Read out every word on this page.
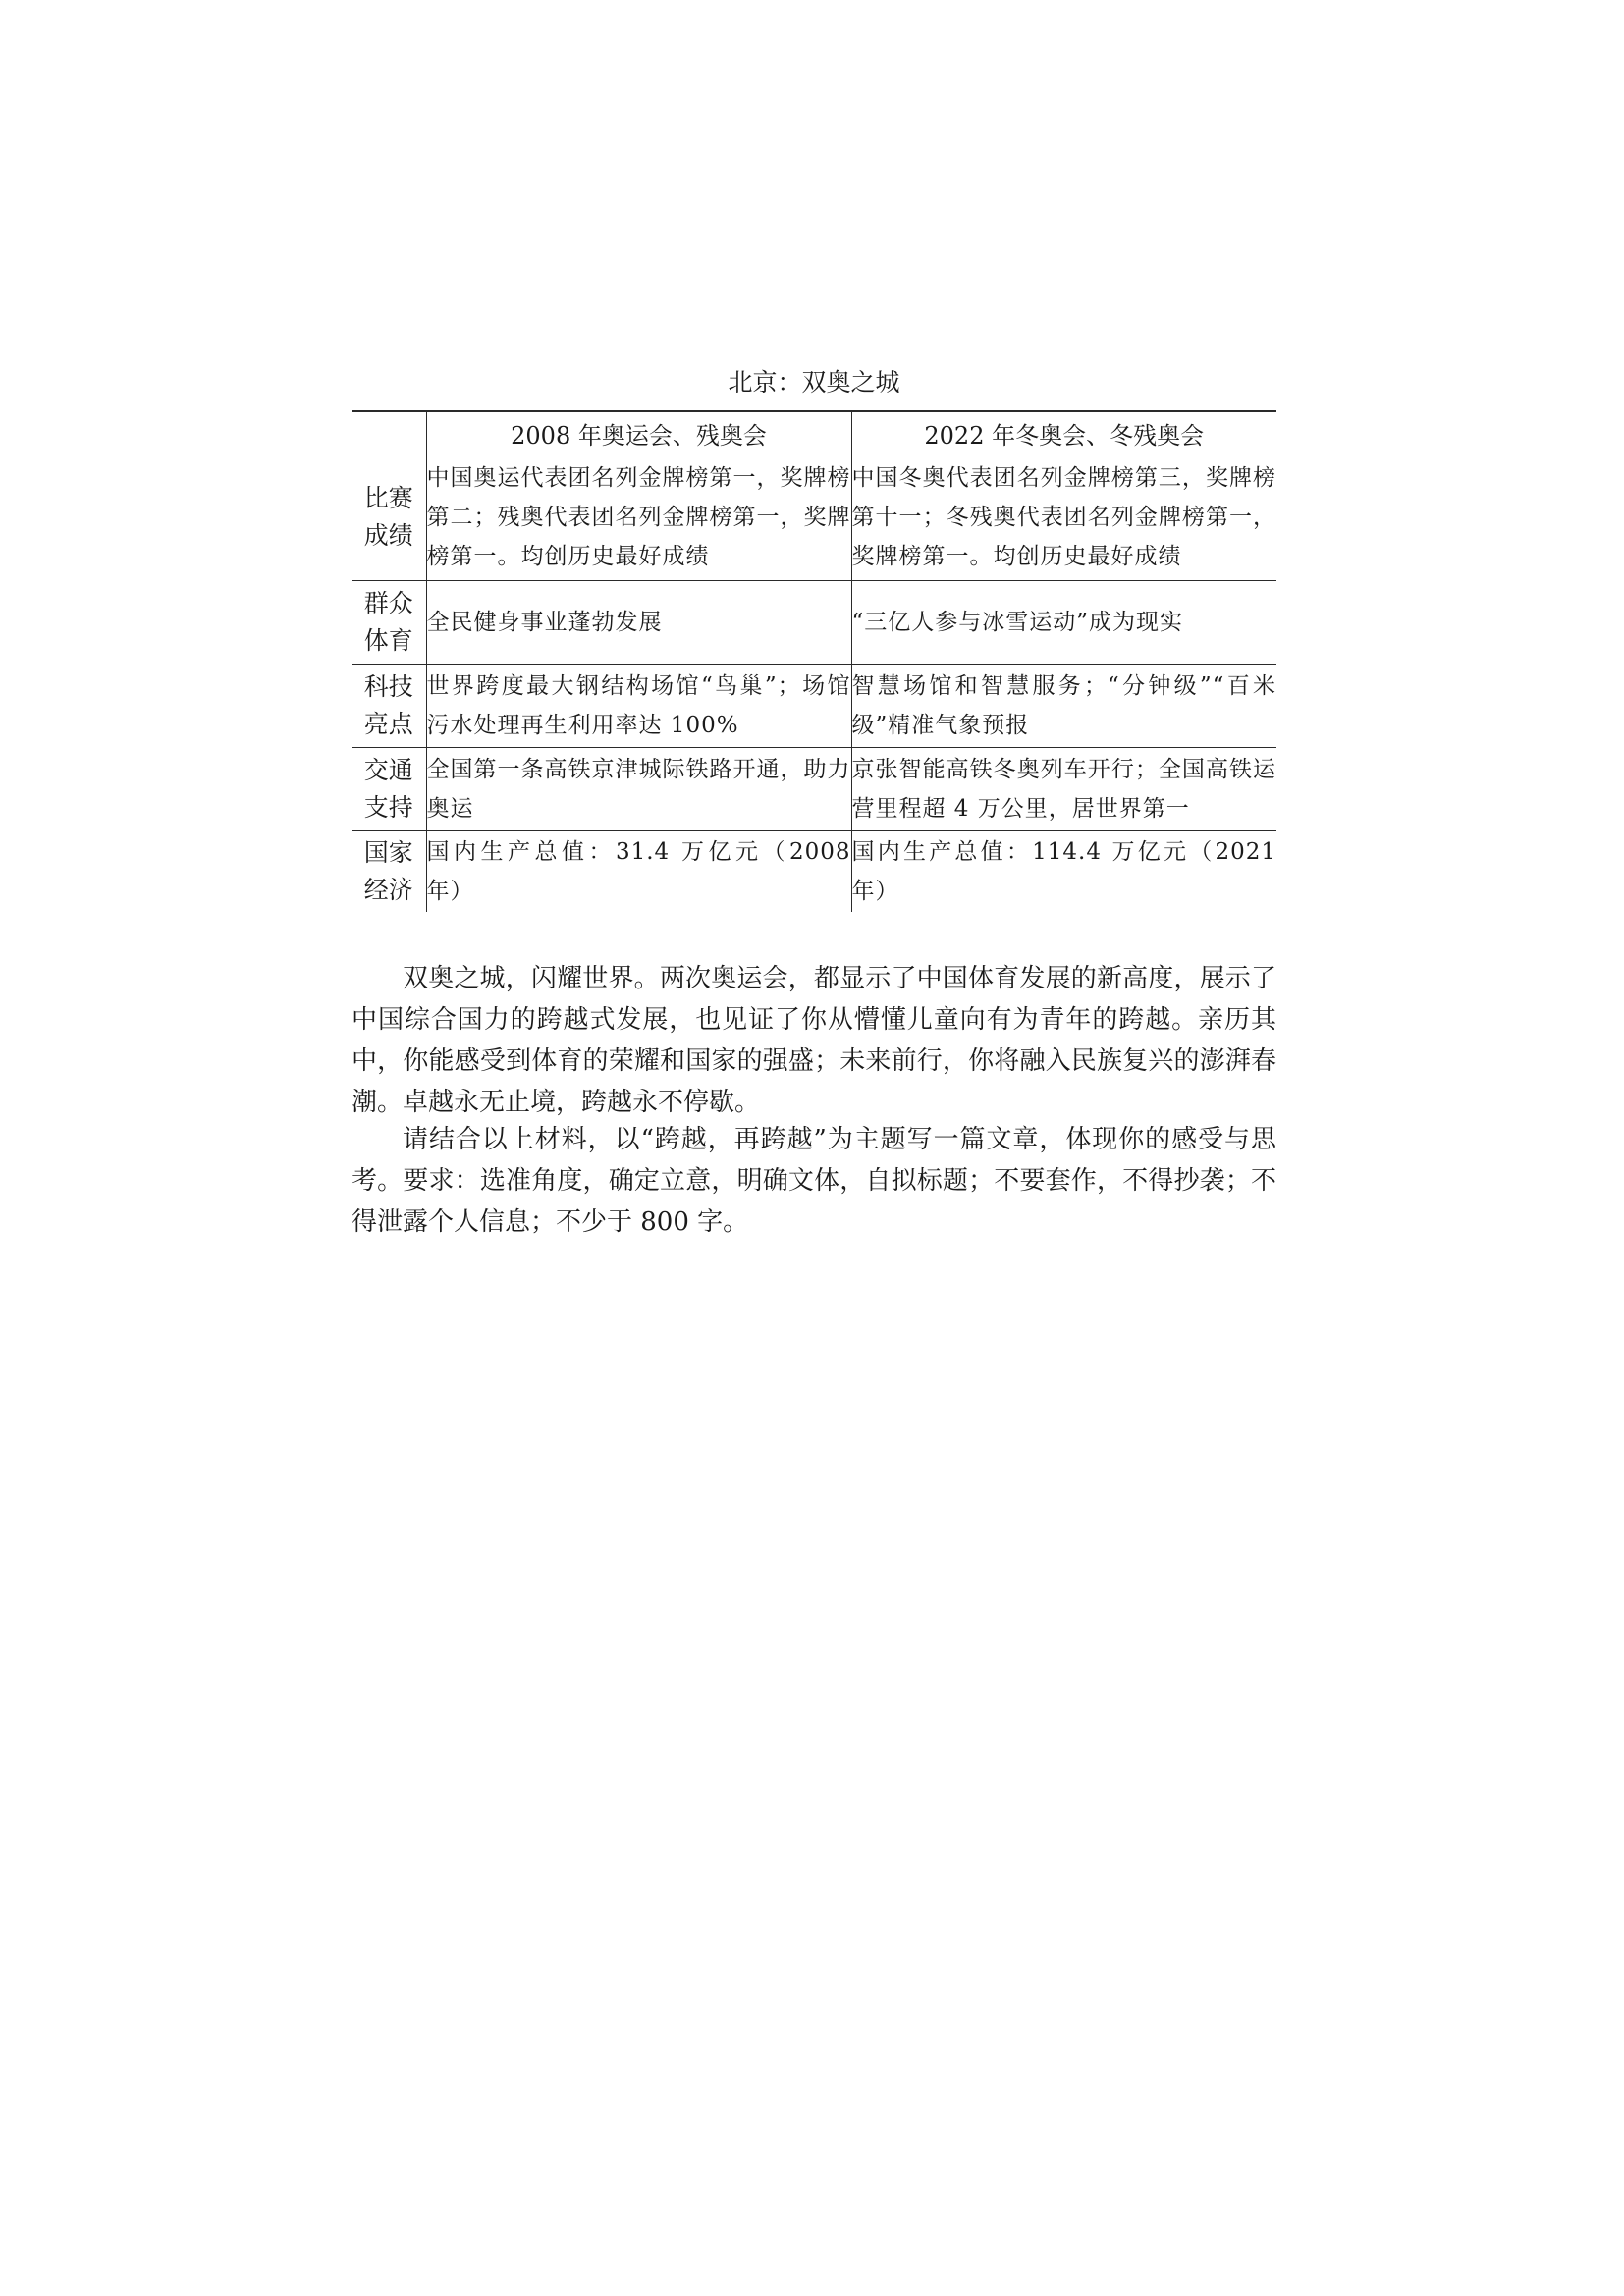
北京：双奥之城
	2008 年奥运会、残奥会	2022 年冬奥会、冬残奥会
比赛
成绩	中国奥运代表团名列金牌榜第一，奖牌榜第二；残奥代表团名列金牌榜第一，奖牌榜第一。均创历史最好成绩	中国冬奥代表团名列金牌榜第三，奖牌榜第十一；冬残奥代表团名列金牌榜第一，奖牌榜第一。均创历史最好成绩
群众
体育	全民健身事业蓬勃发展	“三亿人参与冰雪运动”成为现实
科技
亮点	世界跨度最大钢结构场馆“鸟巢”；场馆污水处理再生利用率达 100%	智慧场馆和智慧服务；“分钟级”“百米级”精准气象预报
交通
支持	全国第一条高铁京津城际铁路开通，助力奥运	京张智能高铁冬奥列车开行；全国高铁运营里程超 4 万公里，居世界第一
国家
经济	国内生产总值：31.4 万亿元（2008 年）	国内生产总值：114.4 万亿元（2021 年）

双奥之城，闪耀世界。两次奥运会，都显示了中国体育发展的新高度，展示了中国综合国力的跨越式发展，也见证了你从懵懂儿童向有为青年的跨越。亲历其中，你能感受到体育的荣耀和国家的强盛；未来前行，你将融入民族复兴的澎湃春潮。卓越永无止境，跨越永不停歇。

请结合以上材料，以“跨越，再跨越”为主题写一篇文章，体现你的感受与思考。要求：选准角度，确定立意，明确文体，自拟标题；不要套作，不得抄袭；不得泄露个人信息；不少于 800 字。
